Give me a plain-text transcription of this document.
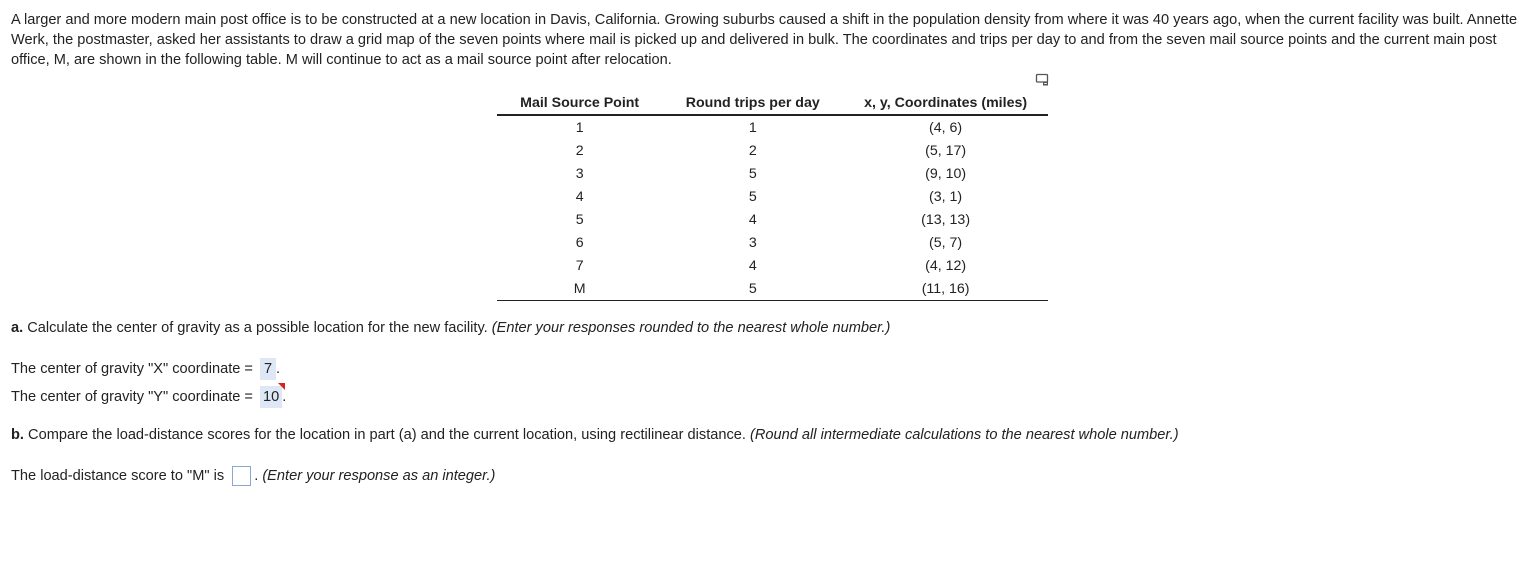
A larger and more modern main post office is to be constructed at a new location in Davis, California. Growing suburbs caused a shift in the population density from where it was 40 years ago, when the current facility was built. Annette Werk, the postmaster, asked her assistants to draw a grid map of the seven points where mail is picked up and delivered in bulk. The coordinates and trips per day to and from the seven mail source points and the current main post office, M, are shown in the following table. M will continue to act as a mail source point after relocation.

Mail Source Point	Round trips per day	x, y, Coordinates (miles)
1	1	(4, 6)
2	2	(5, 17)
3	5	(9, 10)
4	5	(3, 1)
5	4	(13, 13)
6	3	(5, 7)
7	4	(4, 12)
M	5	(11, 16)
a. Calculate the center of gravity as a possible location for the new facility. (Enter your responses rounded to the nearest whole number.)
The center of gravity "X" coordinate = 7 .
The center of gravity "Y" coordinate = 10 .
b. Compare the load-distance scores for the location in part (a) and the current location, using rectilinear distance. (Round all intermediate calculations to the nearest whole number.)
The load-distance score to "M" is . (Enter your response as an integer.)
